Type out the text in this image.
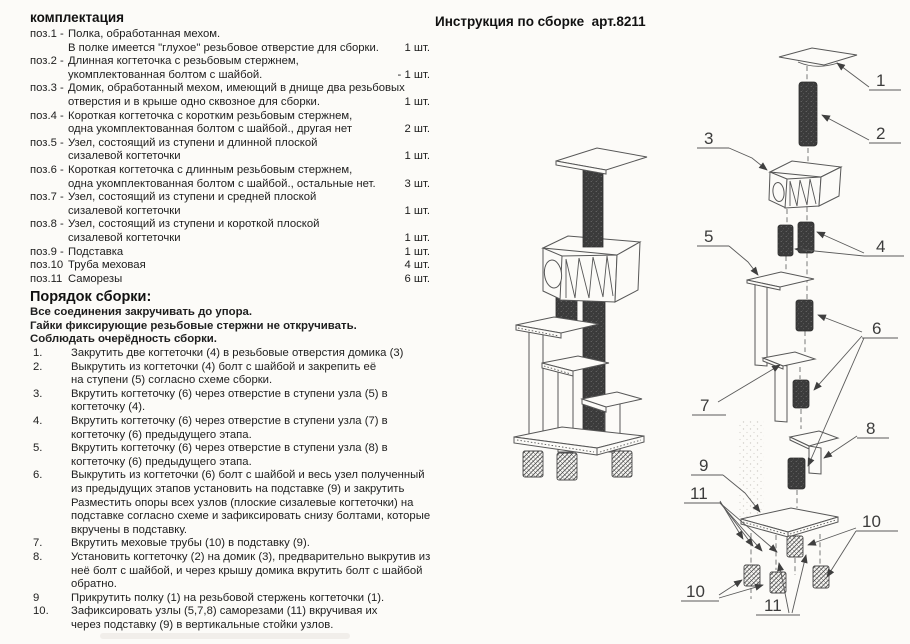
комплектация
поз.1 - Полка, обработанная мехом.
В полке имеется "глухое" резьбовое отверстие для сборки.	1 шт.
поз.2 - Длинная когтеточка с резьбовым стержнем,
укомплектованная болтом с шайбой.	- 1 шт.
поз.3 - Домик, обработанный мехом, имеющий в днище два резьбовых
отверстия и в крыше одно сквозное для сборки.	1 шт.
поз.4 - Короткая когтеточка с коротким резьбовым стержнем,
одна укомплектованная болтом с шайбой., другая нет	2 шт.
поз.5 - Узел, состоящий из ступени и длинной плоской
сизалевой когтеточки	1 шт.
поз.6 - Короткая когтеточка с длинным резьбовым стержнем,
одна укомплектованная болтом с шайбой., остальные нет.	3 шт.
поз.7 - Узел, состоящий из ступени и средней плоской
сизалевой когтеточки	1 шт.
поз.8 - Узел, состоящий из ступени и короткой плоской
сизалевой когтеточки	1 шт.
поз.9 - Подставка	1 шт.
поз.10 Труба меховая	4 шт.
поз.11 Саморезы	6 шт.
Порядок сборки:
Все соединения закручивать до упора.
Гайки фиксирующие резьбовые стержни не откручивать.
Соблюдать очерёдность сборки.
1.	Закрутить две когтеточки (4) в резьбовые отверстия домика (3)
2.	Выкрутить из когтеточки (4) болт с шайбой и закрепить её
на ступени (5) согласно схеме сборки.
3.	Вкрутить когтеточку (6) через отверстие в ступени узла (5) в
когтеточку (4).
4.	Вкрутить когтеточку (6) через отверстие в ступени узла (7) в
когтеточку (6) предыдущего этапа.
5.	Вкрутить когтеточку (6) через отверстие в ступени узла (8) в
когтеточку (6) предыдущего этапа.
6.	Выкрутить из когтеточки (6) болт с шайбой и весь узел полученный
из предыдущих этапов установить на подставке (9) и закрутить
Разместить опоры всех узлов (плоские сизалевые когтеточки) на
подставке согласно схеме и зафиксировать снизу болтами, которые
вкручены в подставку.
7.	Вкрутить меховые трубы (10) в подставку (9).
8.	Установить когтеточку (2) на домик (3), предварительно выкрутив из
неё болт с шайбой, и через крышу домика вкрутить болт с шайбой
обратно.
9	Прикрутить полку (1) на резьбовой стержень когтеточки (1).
10. Зафиксировать узлы (5,7,8) саморезами (11) вкручивая их
через подставку (9) в вертикальные стойки узлов.
Инструкция по сборке  арт.8211
1
2
3
4
5
6
7
8
9
11
10
10
11
